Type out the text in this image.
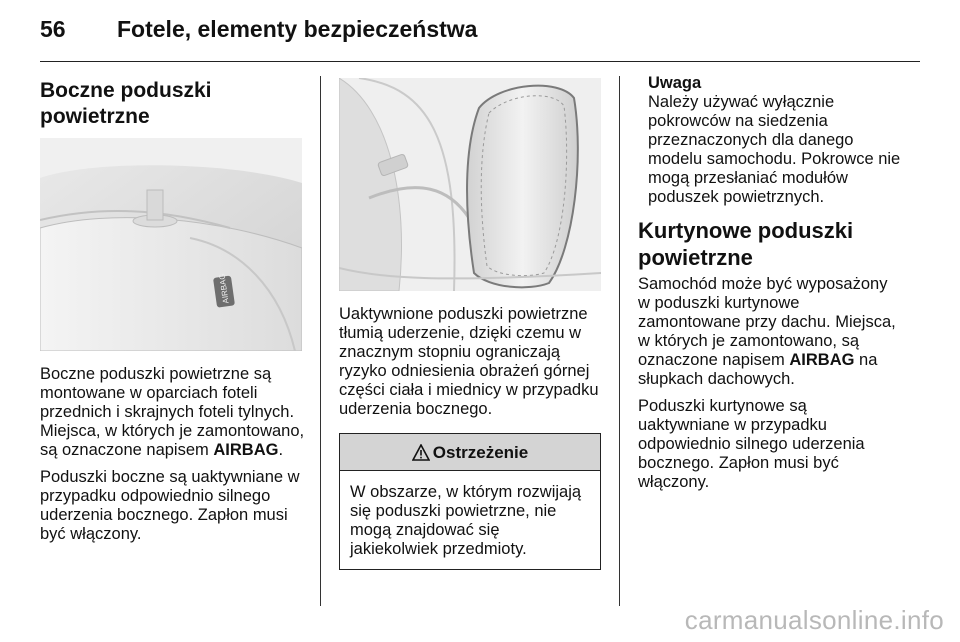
56 Fotele, elementy bezpieczeństwa
Boczne poduszki powietrzne
AIRBAG

Boczne poduszki powietrzne są montowane w oparciach foteli przednich i skrajnych foteli tylnych. Miejsca, w których je zamontowano, są oznaczone napisem AIRBAG.

Poduszki boczne są uaktywniane w przypadku odpowiednio silnego uderzenia bocznego. Zapłon musi być włączony.

Uaktywnione poduszki powietrzne tłumią uderzenie, dzięki czemu w znacznym stopniu ograniczają ryzyko odniesienia obrażeń górnej części ciała i miednicy w przypadku uderzenia bocznego.

Ostrzeżenie
W obszarze, w którym rozwijają się poduszki powietrzne, nie mogą znajdować się jakiekolwiek przedmioty.
Uwaga
Należy używać wyłącznie pokrowców na siedzenia przeznaczonych dla danego modelu samochodu. Pokrowce nie mogą przesłaniać modułów poduszek powietrznych.
Kurtynowe poduszki powietrzne

Samochód może być wyposażony w poduszki kurtynowe zamontowane przy dachu. Miejsca, w których je zamontowano, są oznaczone napisem AIRBAG na słupkach dachowych.

Poduszki kurtynowe są uaktywniane w przypadku odpowiednio silnego uderzenia bocznego. Zapłon musi być włączony.

carmanualsonline.info
